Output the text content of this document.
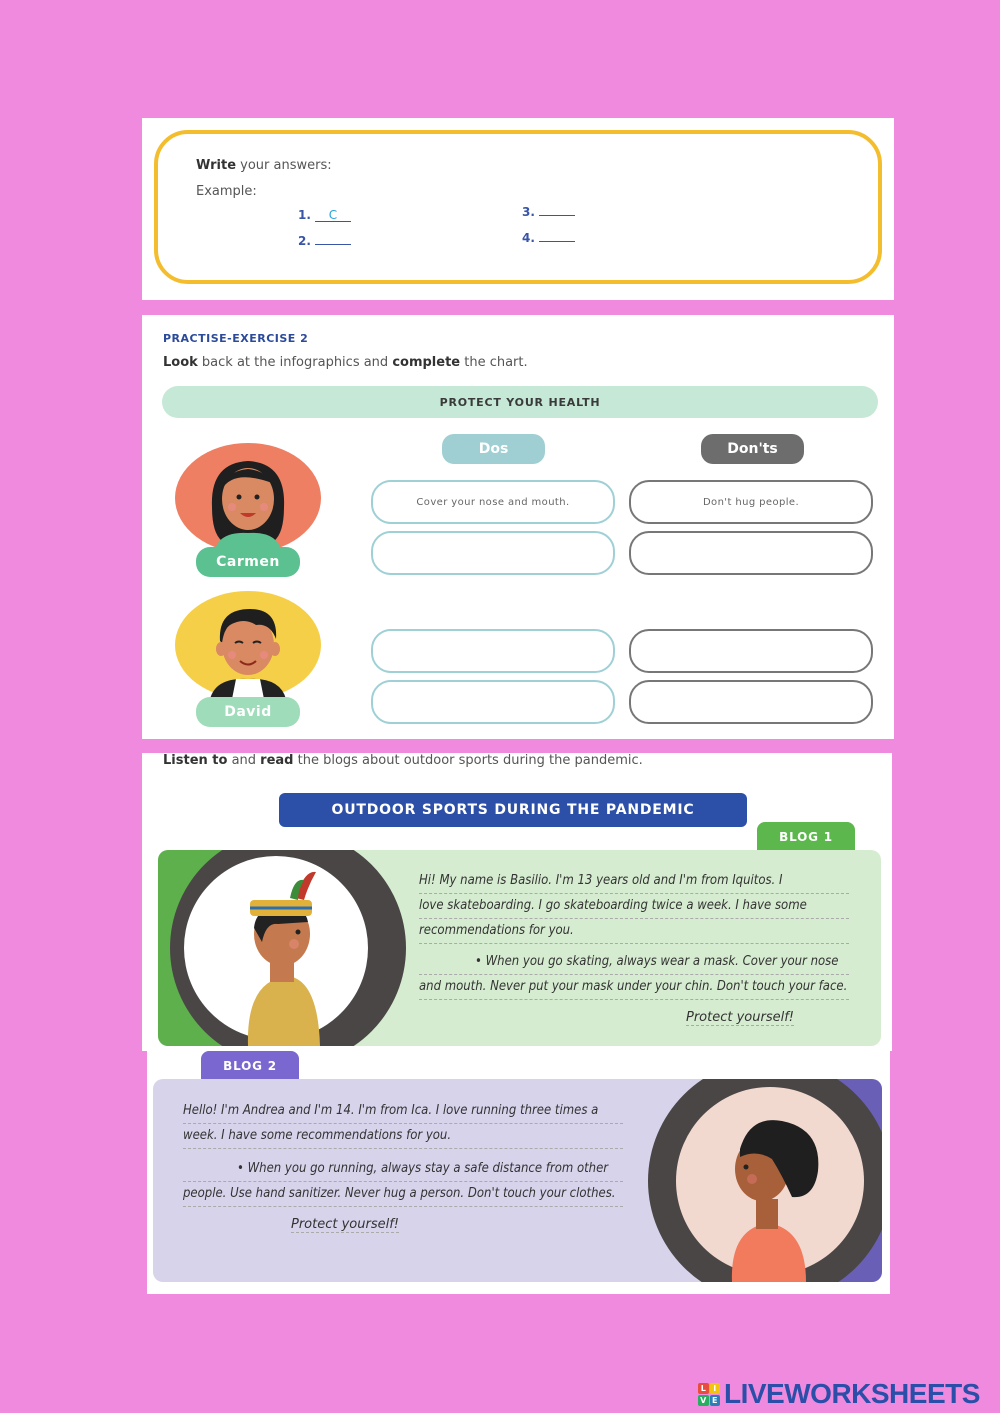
Write your answers:
Example:
1. C
2.
3.
4.
PRACTISE-EXERCISE 2
Look back at the infographics and complete the chart.
PROTECT YOUR HEALTH
Dos	Don'ts
Carmen
David
Cover your nose and mouth.	Don't hug people.
Listen to and read the blogs about outdoor sports during the pandemic.
OUTDOOR SPORTS DURING THE PANDEMIC
BLOG 1

Hi! My name is Basilio. I'm 13 years old and I'm from Iquitos. I

love skateboarding. I go skateboarding twice a week. I have some

recommendations for you.

• When you go skating, always wear a mask. Cover your nose

and mouth. Never put your mask under your chin. Don't touch your face.

Protect yourself!
BLOG 2

Hello! I'm Andrea and I'm 14. I'm from Ica. I love running three times a

week. I have some recommendations for you.

• When you go running, always stay a safe distance from other

people. Use hand sanitizer. Never hug a person. Don't touch your clothes.

Protect yourself!
L I
V E LIVEWORKSHEETS
